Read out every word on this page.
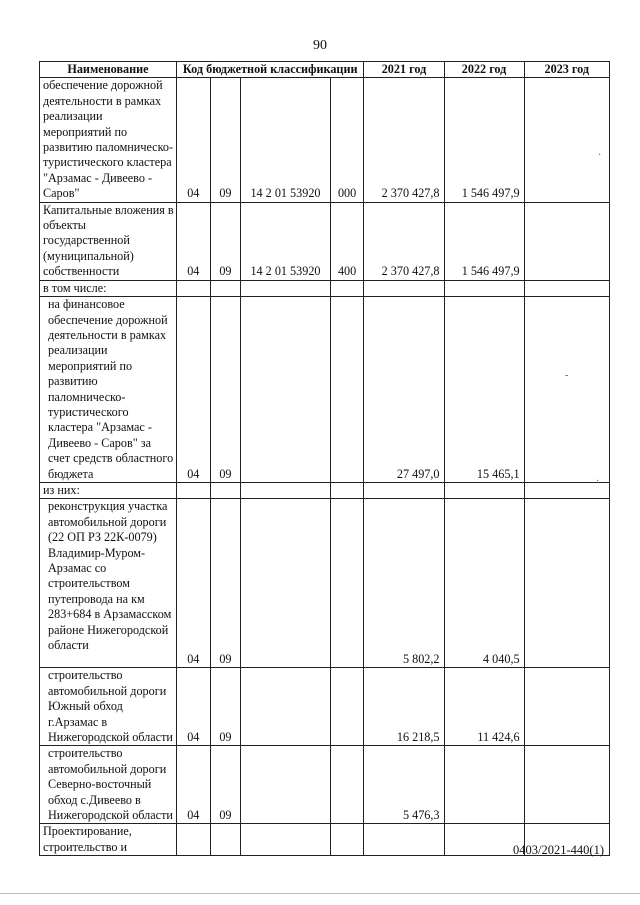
90
Наименование	Код бюджетной классификации				2021 год	2022 год	2023 год
обеспечение дорожной деятельности в рамках реализации мероприятий по развитию паломническо-туристического кластера "Арзамас - Дивеево - Саров"	04	09	14 2 01 53920	000	2 370 427,8	1 546 497,9	
Капитальные вложения в объекты государственной (муниципальной) собственности	04	09	14 2 01 53920	400	2 370 427,8	1 546 497,9	
в том числе:							
на финансовое обеспечение дорожной деятельности в рамках реализации мероприятий по развитию паломническо-туристического кластера "Арзамас - Дивеево - Саров" за счет средств областного бюджета	04	09			27 497,0	15 465,1	
из них:							
реконструкция участка автомобильной дороги (22 ОП РЗ 22К-0079) Владимир-Муром-Арзамас со строительством путепровода на км 283+684 в Арзамасском районе Нижегородской области	04	09			5 802,2	4 040,5	
строительство автомобильной дороги Южный обход г.Арзамас в Нижегородской области	04	09			16 218,5	11 424,6	
строительство автомобильной дороги Северно-восточный обход с.Дивеево в Нижегородской области	04	09			5 476,3		
Проектирование, строительство и							
·
-
·
0403/2021-440(1)
